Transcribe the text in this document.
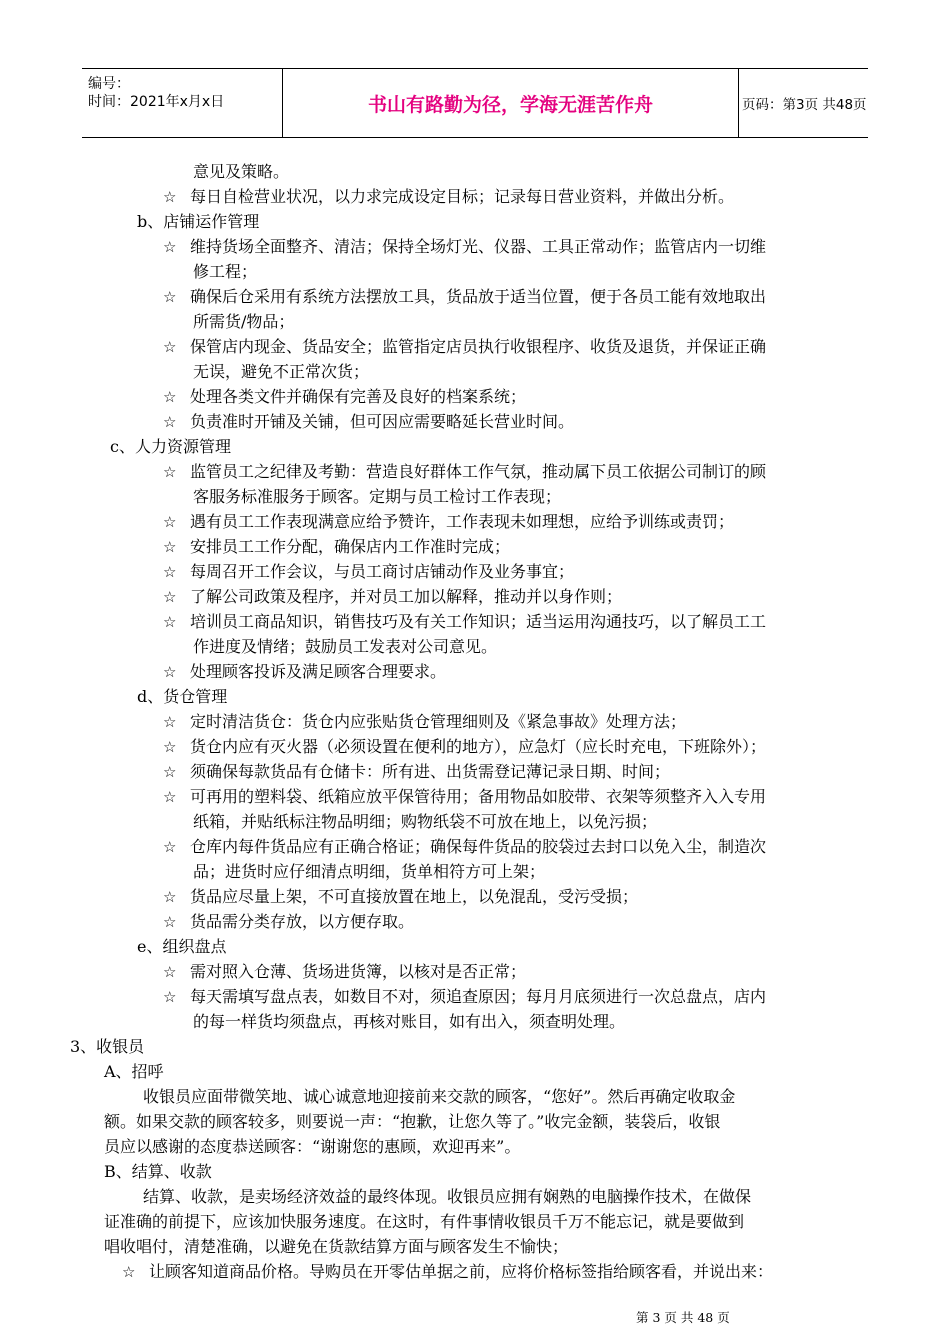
编号：
时间：2021年x月x日	书山有路勤为径，学海无涯苦作舟	页码：第3页 共48页
意见及策略。
☆ 每日自检营业状况，以力求完成设定目标；记录每日营业资料，并做出分析。
b、店铺运作管理
☆ 维持货场全面整齐、清洁；保持全场灯光、仪器、工具正常动作；监管店内一切维
修工程；
☆ 确保后仓采用有系统方法摆放工具，货品放于适当位置，便于各员工能有效地取出
所需货/物品；
☆ 保管店内现金、货品安全；监管指定店员执行收银程序、收货及退货，并保证正确
无误，避免不正常次货；
☆ 处理各类文件并确保有完善及良好的档案系统；
☆ 负责准时开铺及关铺，但可因应需要略延长营业时间。
c、人力资源管理
☆ 监管员工之纪律及考勤：营造良好群体工作气氛，推动属下员工依据公司制订的顾
客服务标准服务于顾客。定期与员工检讨工作表现；
☆ 遇有员工工作表现满意应给予赞许，工作表现未如理想，应给予训练或责罚；
☆ 安排员工工作分配，确保店内工作准时完成；
☆ 每周召开工作会议，与员工商讨店铺动作及业务事宜；
☆ 了解公司政策及程序，并对员工加以解释，推动并以身作则；
☆ 培训员工商品知识，销售技巧及有关工作知识；适当运用沟通技巧，以了解员工工
作进度及情绪；鼓励员工发表对公司意见。
☆ 处理顾客投诉及满足顾客合理要求。
d、货仓管理
☆ 定时清洁货仓：货仓内应张贴货仓管理细则及《紧急事故》处理方法；
☆ 货仓内应有灭火器（必须设置在便利的地方），应急灯（应长时充电，下班除外）；
☆ 须确保每款货品有仓储卡：所有进、出货需登记薄记录日期、时间；
☆ 可再用的塑料袋、纸箱应放平保管待用；备用物品如胶带、衣架等须整齐入入专用
纸箱，并贴纸标注物品明细；购物纸袋不可放在地上，以免污损；
☆ 仓库内每件货品应有正确合格证；确保每件货品的胶袋过去封口以免入尘，制造次
品；进货时应仔细清点明细，货单相符方可上架；
☆ 货品应尽量上架，不可直接放置在地上，以免混乱，受污受损；
☆ 货品需分类存放，以方便存取。
e、组织盘点
☆ 需对照入仓薄、货场进货簿，以核对是否正常；
☆ 每天需填写盘点表，如数目不对，须追查原因；每月月底须进行一次总盘点，店内
的每一样货均须盘点，再核对账目，如有出入，须查明处理。
3、收银员
A、招呼
收银员应面带微笑地、诚心诚意地迎接前来交款的顾客，“您好”。然后再确定收取金
额。如果交款的顾客较多，则要说一声：“抱歉，让您久等了。”收完金额，装袋后，收银
员应以感谢的态度恭送顾客：“谢谢您的惠顾，欢迎再来”。
B、结算、收款
结算、收款，是卖场经济效益的最终体现。收银员应拥有娴熟的电脑操作技术，在做保
证准确的前提下，应该加快服务速度。在这时，有件事情收银员千万不能忘记，就是要做到
唱收唱付，清楚准确，以避免在货款结算方面与顾客发生不愉快；
☆ 让顾客知道商品价格。导购员在开零估单据之前，应将价格标签指给顾客看，并说出来：
第 3 页 共 48 页
